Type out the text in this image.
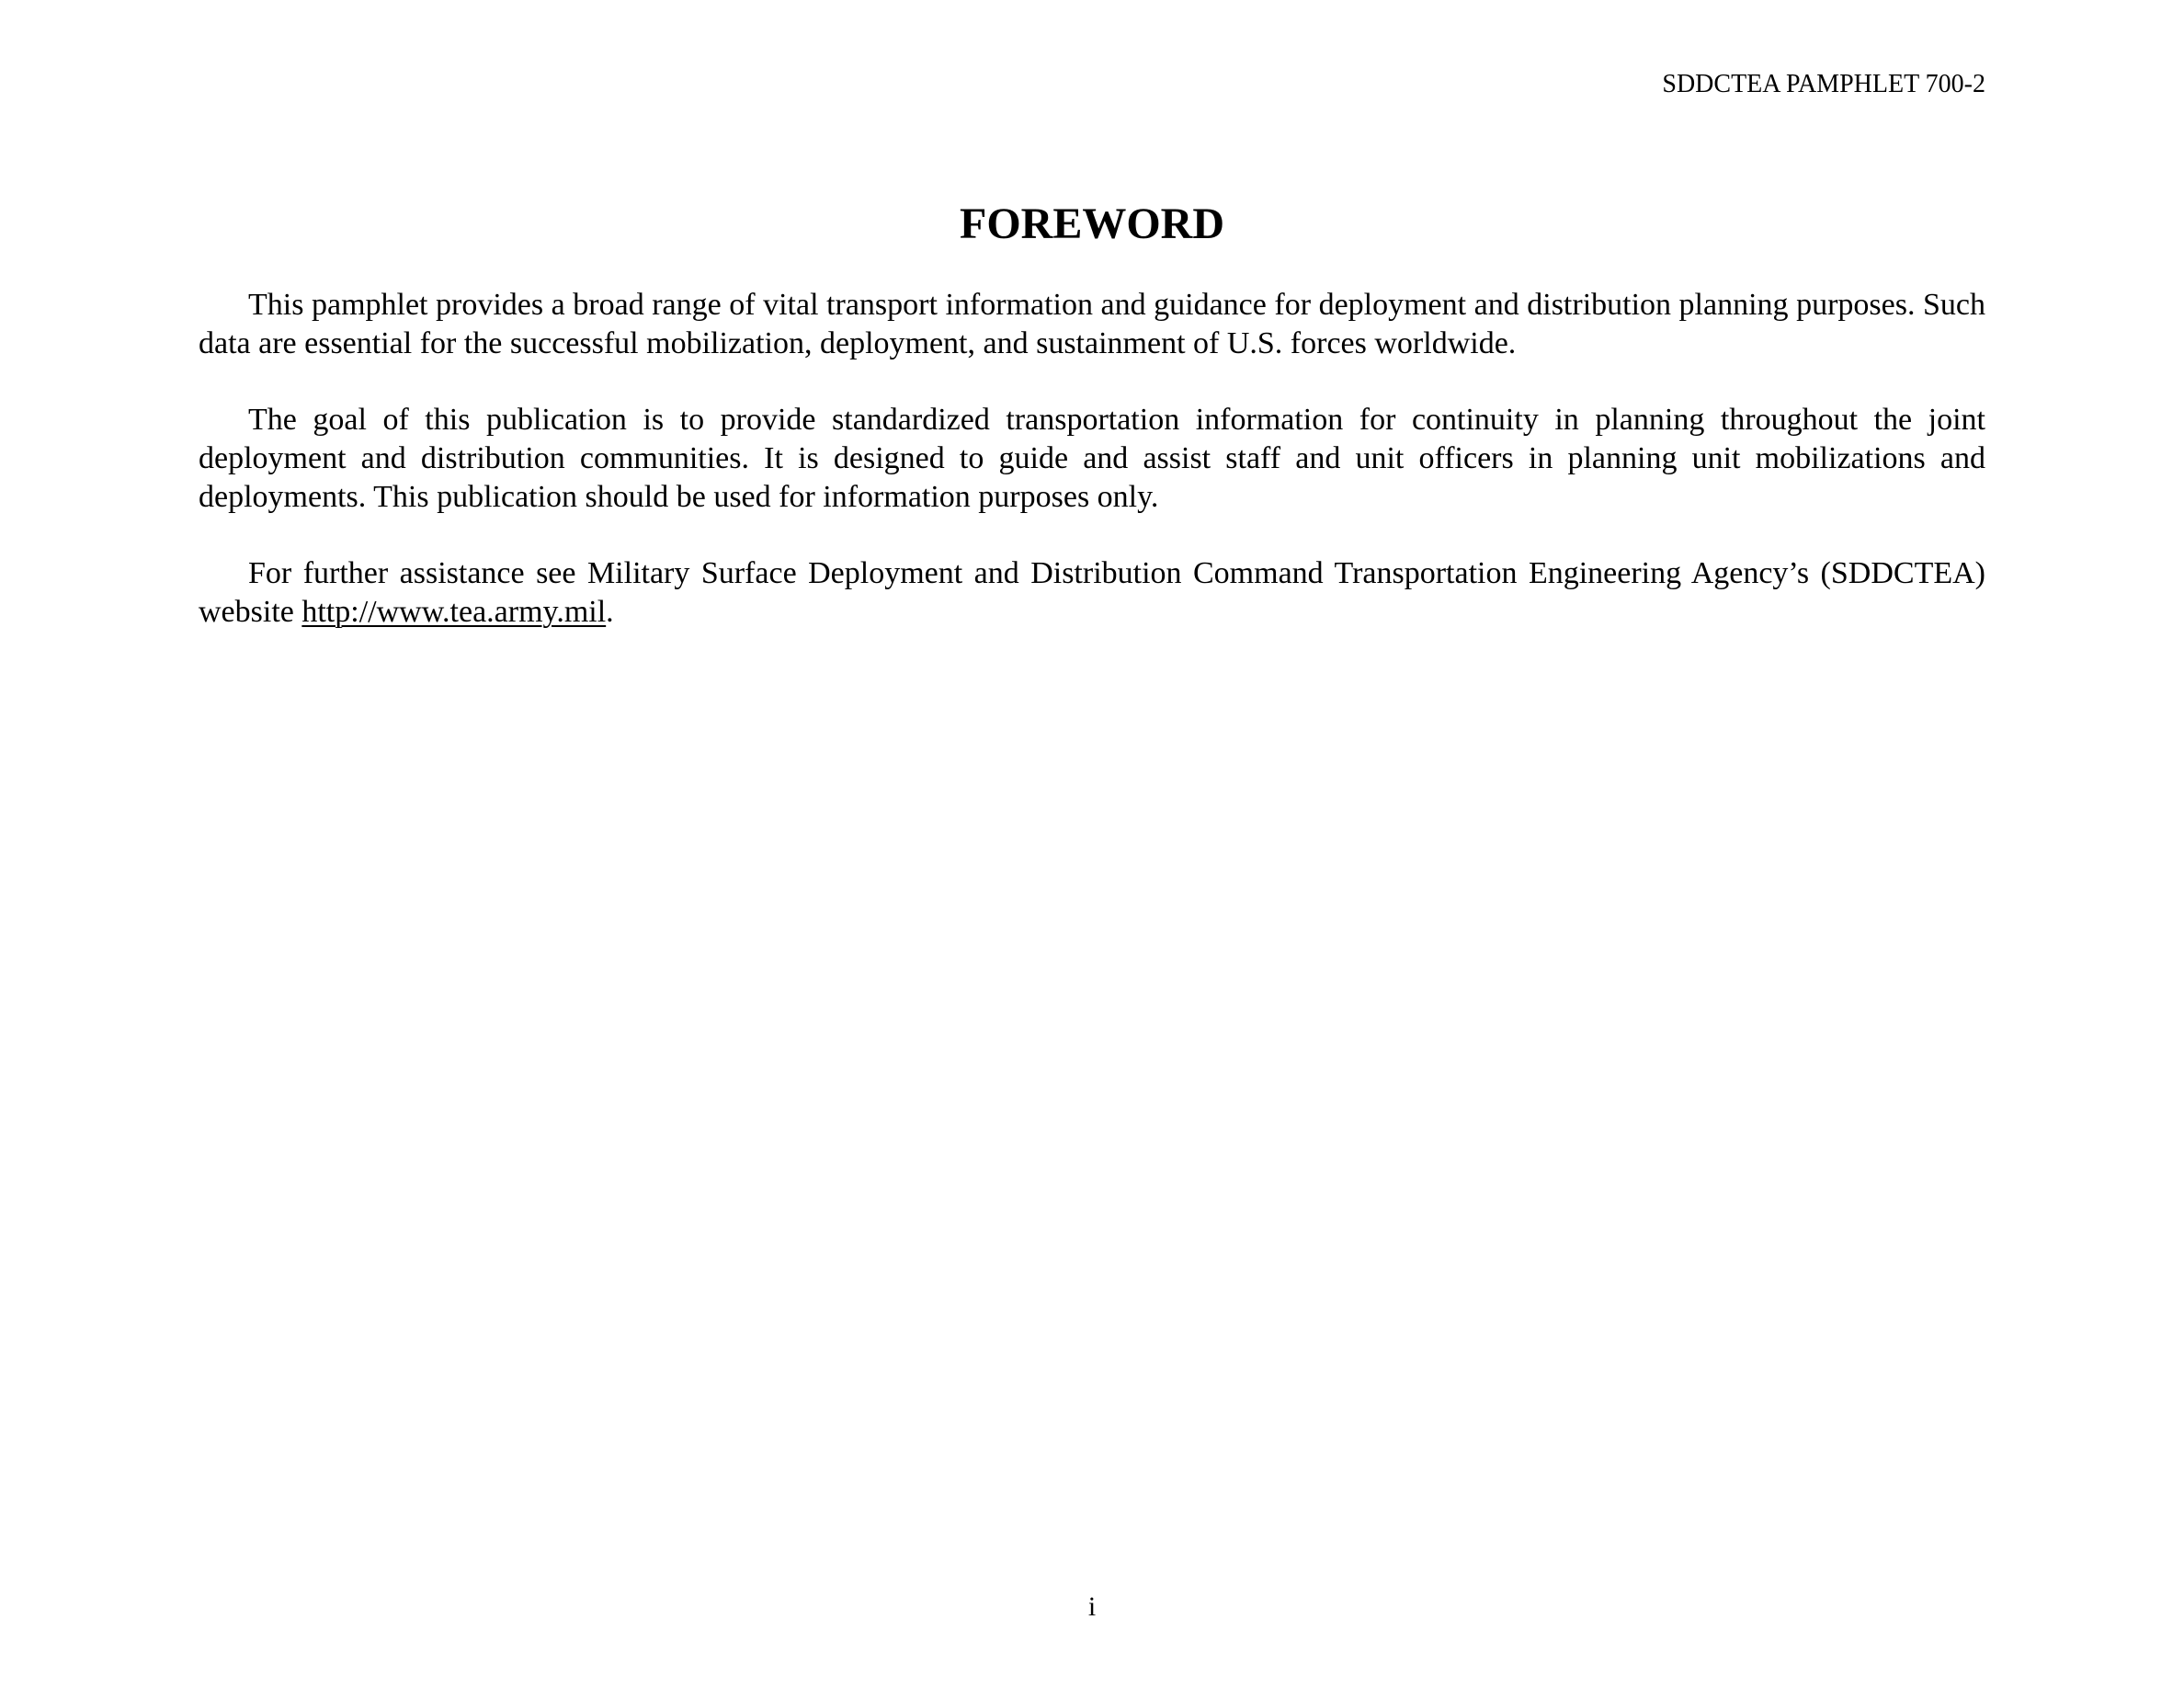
SDDCTEA PAMPHLET 700-2
FOREWORD

This pamphlet provides a broad range of vital transport information and guidance for deployment and distribution planning purposes. Such data are essential for the successful mobilization, deployment, and sustainment of U.S. forces worldwide.

The goal of this publication is to provide standardized transportation information for continuity in planning throughout the joint deployment and distribution communities. It is designed to guide and assist staff and unit officers in planning unit mobilizations and deployments. This publication should be used for information purposes only.

For further assistance see Military Surface Deployment and Distribution Command Transportation Engineering Agency’s (SDDCTEA) website http://www.tea.army.mil.

i
